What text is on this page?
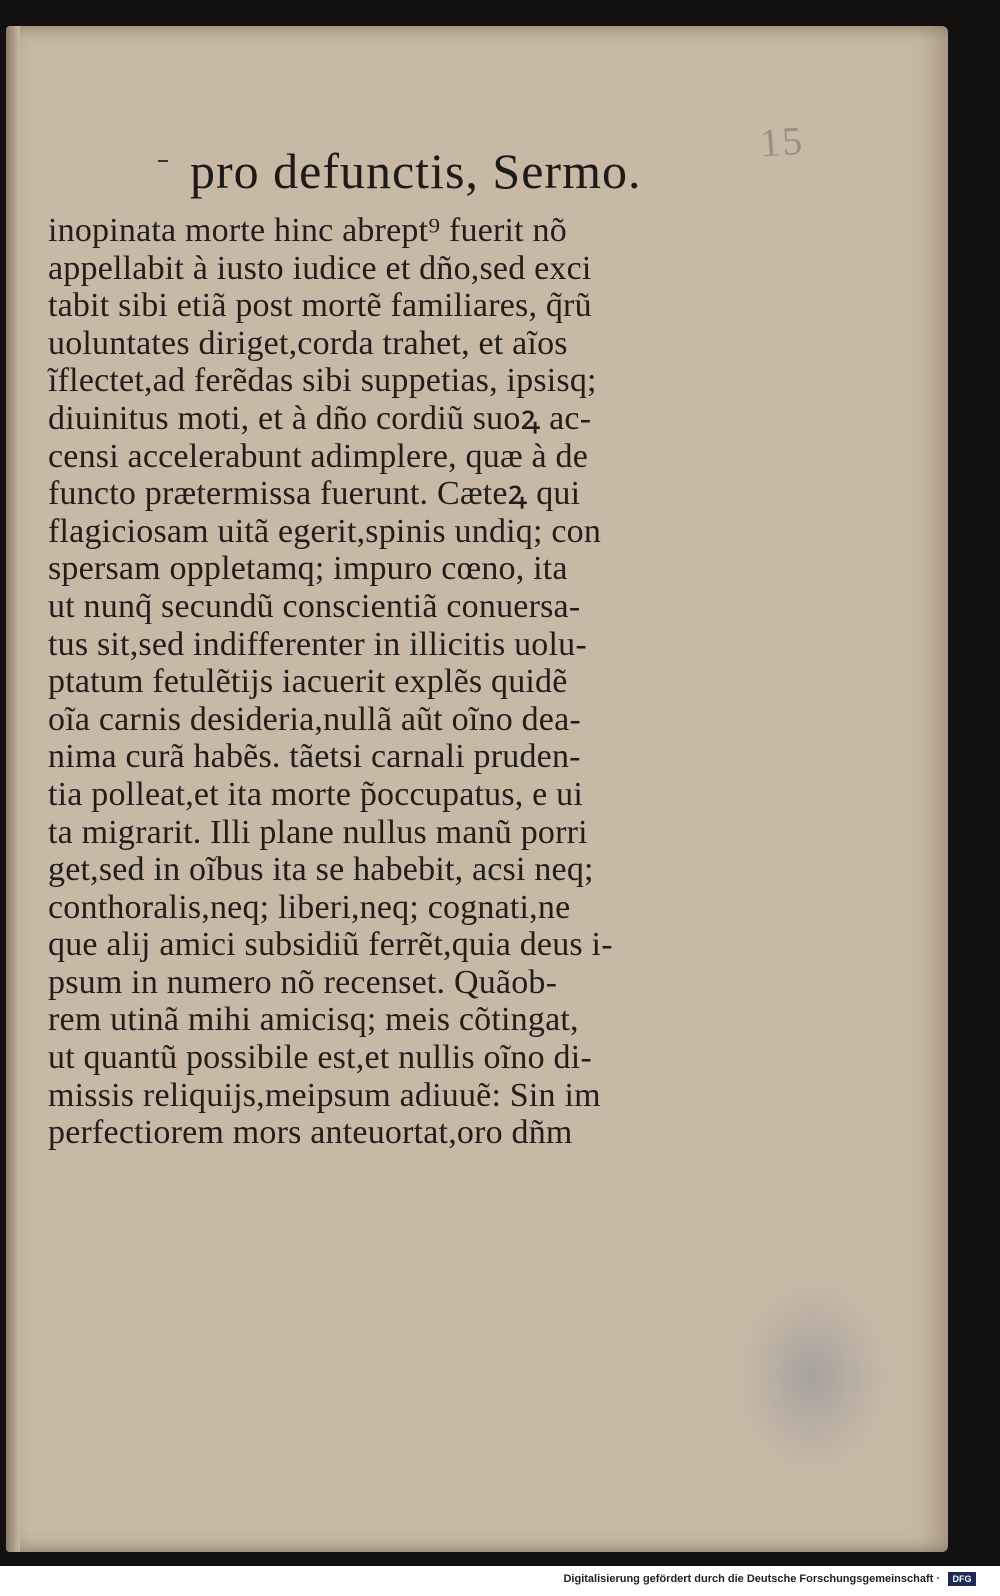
15
pro defunctis, Sermo.
inopinata morte hinc abrept⁹ fuerit nõ
appellabit à iusto iudice et dño,sed exci
tabit sibi etiã post mortẽ familiares, q̃rũ
uoluntates diriget,corda trahet, et aĩos
ĩflectet,ad ferẽdas sibi suppetias, ipsisq;
diuinitus moti, et à dño cordiũ suoꝝ ac-
censi accelerabunt adimplere, quæ à de
functo prætermissa fuerunt. Cæteꝝ qui
flagiciosam uitã egerit,spinis undiq; con
spersam oppletamq; impuro cœno, ita
ut nunq̃ secundũ conscientiã conuersa-
tus sit,sed indifferenter in illicitis uolu-
ptatum fetulẽtijs iacuerit explẽs quidẽ
oĩa carnis desideria,nullã aũt oĩno dea-
nima curã habẽs. tãetsi carnali pruden-
tia polleat,et ita morte p̃occupatus, e ui
ta migrarit. Illi plane nullus manũ porri
get,sed in oĩbus ita se habebit, acsi neq;
conthoralis,neq; liberi,neq; cognati,ne
que alij amici subsidiũ ferrẽt,quia deus i-
psum in numero nõ recenset. Quãob-
rem utinã mihi amicisq; meis cõtingat,
ut quantũ possibile est,et nullis oĩno di-
missis reliquijs,meipsum adiuuẽ: Sin im
perfectiorem mors anteuortat,oro dñm
Digitalisierung gefördert durch die Deutsche Forschungsgemeinschaft ·	DFG
